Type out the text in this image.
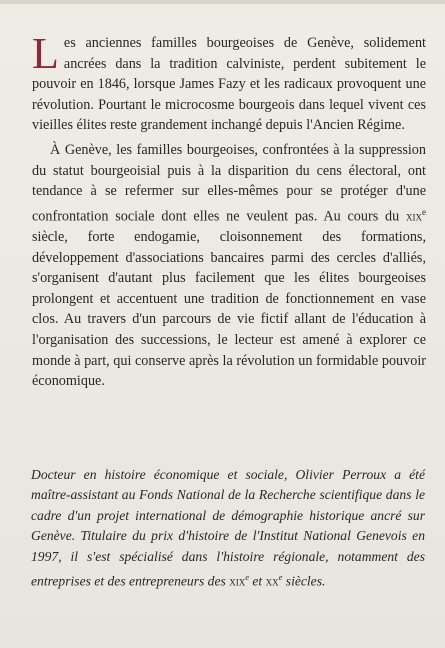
Les anciennes familles bourgeoises de Genève, solidement ancrées dans la tradition calviniste, perdent subitement le pouvoir en 1846, lorsque James Fazy et les radicaux provoquent une révolution. Pourtant le microcosme bourgeois dans lequel vivent ces vieilles élites reste grandement inchangé depuis l'Ancien Régime.

À Genève, les familles bourgeoises, confrontées à la suppression du statut bourgeoisial puis à la disparition du cens électoral, ont tendance à se refermer sur elles-mêmes pour se protéger d'une confrontation sociale dont elles ne veulent pas. Au cours du xix$^e$ siècle, forte endogamie, cloisonnement des formations, développement d'associations bancaires parmi des cercles d'alliés, s'organisent d'autant plus facilement que les élites bourgeoises prolongent et accentuent une tradition de fonctionnement en vase clos. Au travers d'un parcours de vie fictif allant de l'éducation à l'organisation des successions, le lecteur est amené à explorer ce monde à part, qui conserve après la révolution un formidable pouvoir économique.

Docteur en histoire économique et sociale, Olivier Perroux a été maître-assistant au Fonds National de la Recherche scientifique dans le cadre d'un projet international de démographie historique ancré sur Genève. Titulaire du prix d'histoire de l'Institut National Genevois en 1997, il s'est spécialisé dans l'histoire régionale, notamment des entreprises et des entrepreneurs des xix$^e$ et $xx^e$ siècles.
